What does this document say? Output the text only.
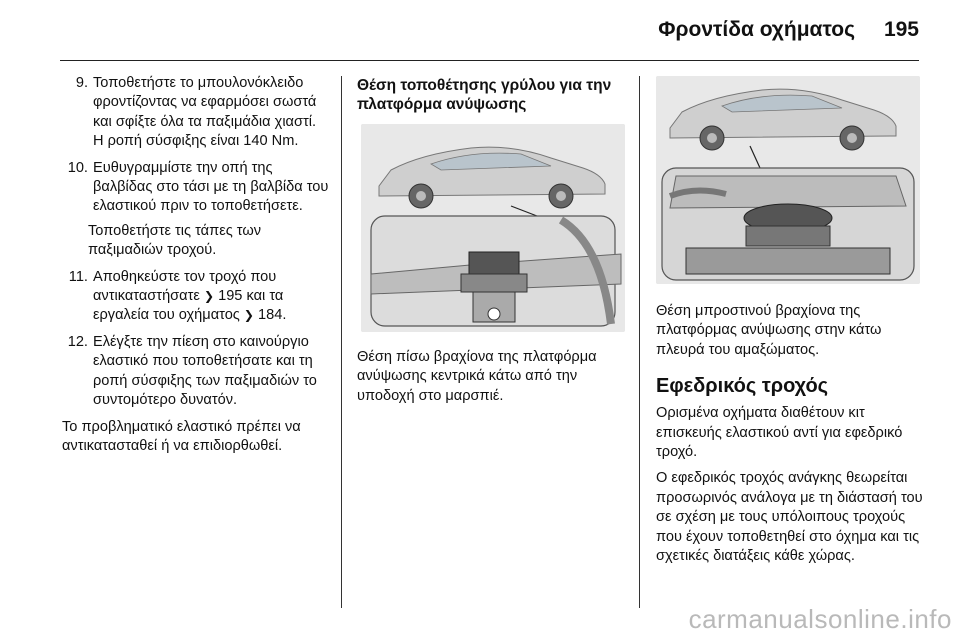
Φροντίδα οχήματος 195
9. Τοποθετήστε το μπουλονόκλειδο φροντίζοντας να εφαρμόσει σωστά και σφίξτε όλα τα παξιμάδια χιαστί. Η ροπή σύσφιξης είναι 140 Nm.
10. Ευθυγραμμίστε την οπή της βαλβίδας στο τάσι με τη βαλβίδα του ελαστικού πριν το τοποθετήσετε.

Τοποθετήστε τις τάπες των παξιμαδιών τροχού.

11. Αποθηκεύστε τον τροχό που αντικαταστήσατε ❯ 195 και τα εργαλεία του οχήματος ❯ 184.
12. Ελέγξτε την πίεση στο καινούργιο ελαστικό που τοποθετήσατε και τη ροπή σύσφιξης των παξιμαδιών το συντομότερο δυνατόν.

Το προβληματικό ελαστικό πρέπει να αντικατασταθεί ή να επιδιορθωθεί.

Θέση τοποθέτησης γρύλου για την πλατφόρμα ανύψωσης

Θέση πίσω βραχίονα της πλατφόρμα ανύψωσης κεντρικά κάτω από την υποδοχή στο μαρσπιέ.

Θέση μπροστινού βραχίονα της πλατφόρμας ανύψωσης στην κάτω πλευρά του αμαξώματος.

Εφεδρικός τροχός

Ορισμένα οχήματα διαθέτουν κιτ επισκευής ελαστικού αντί για εφεδρικό τροχό.

Ο εφεδρικός τροχός ανάγκης θεωρείται προσωρινός ανάλογα με τη διάστασή του σε σχέση με τους υπόλοιπους τροχούς που έχουν τοποθετηθεί στο όχημα και τις σχετικές διατάξεις κάθε χώρας.

carmanualsonline.info
